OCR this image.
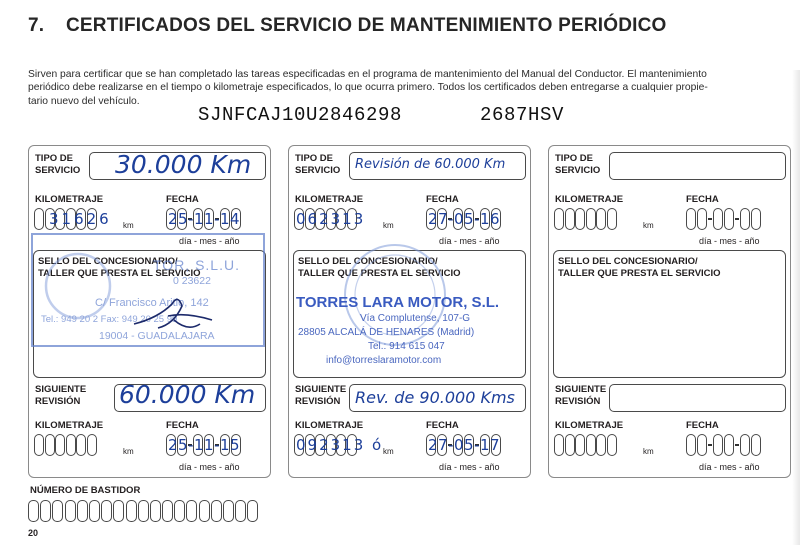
7. CERTIFICADOS DEL SERVICIO DE MANTENIMIENTO PERIÓDICO
Sirven para certificar que se han completado las tareas especificadas en el programa de mantenimiento del Manual del Conductor. El mantenimiento
periódico debe realizarse en el tiempo o kilometraje especificados, lo que ocurra primero. Todos los certificados deben entregarse a cualquier propie-
tario nuevo del vehículo.
SJNFCAJ10U2846298	2687HSV
TIPO DE
SERVICIO 30.000 Km
KILOMETRAJE
31626 km
FECHA
25-11-14
día - mes - año
SELLO DEL CONCESIONARIO/
TALLER QUE PRESTA EL SERVICIO
SIGUIENTE
REVISIÓN 60.000 Km
KILOMETRAJE
km
FECHA
25-11-15
día - mes - año
TOR, S.L.U.
0 23622
C/ Francisco Aritio, 142
Tel.: 949 20 2 Fax: 949 20 25 99
19004 - GUADALAJARA
TIPO DE
SERVICIO Revisión de 60.000 Km
KILOMETRAJE
062313 km
FECHA
27-05-16
día - mes - año
SELLO DEL CONCESIONARIO/
TALLER QUE PRESTA EL SERVICIO
SIGUIENTE
REVISIÓN Rev. de 90.000 Kms
KILOMETRAJE
092313 ó km
FECHA
27-05-17
día - mes - año
TORRES LARA MOTOR, S.L.
Vía Complutense, 107-G
28805 ALCALÁ DE HENARES (Madrid)
Tel.: 914 615 047
info@torreslaramotor.com
TIPO DE
SERVICIO
KILOMETRAJE
km
FECHA
día - mes - año
SELLO DEL CONCESIONARIO/
TALLER QUE PRESTA EL SERVICIO
SIGUIENTE
REVISIÓN
KILOMETRAJE
km
FECHA
día - mes - año
NÚMERO DE BASTIDOR
20
